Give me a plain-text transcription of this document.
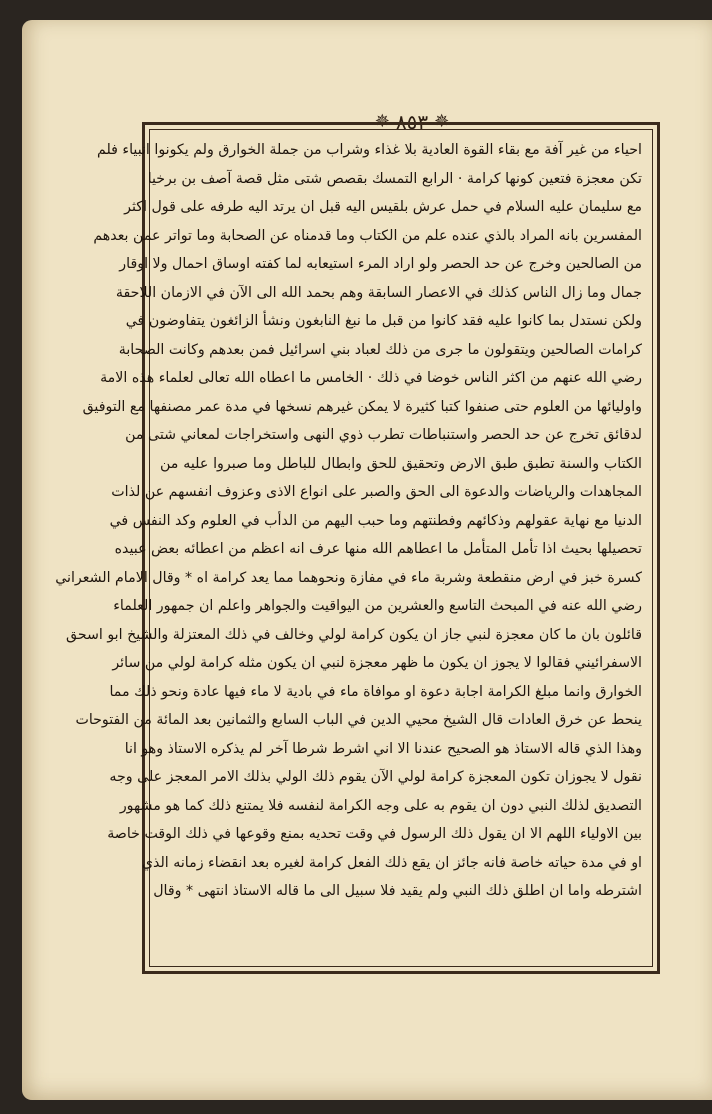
✵ ٨٥٣ ✵
احياء من غير آفة مع بقاء القوة العادية بلا غذاء وشراب من جملة الخوارق ولم يكونوا انبياء فلم
تكن معجزة فتعين كونها كرامة · الرابع التمسك بقصص شتى مثل قصة آصف بن برخيا
مع سليمان عليه السلام في حمل عرش بلقيس اليه قبل ان يرتد اليه طرفه على قول اكثر
المفسرين بانه المراد بالذي عنده علم من الكتاب وما قدمناه عن الصحابة وما تواتر عمن بعدهم
من الصالحين وخرج عن حد الحصر ولو اراد المرء استيعابه لما كفته اوساق احمال ولا اوقار
جمال وما زال الناس كذلك في الاعصار السابقة وهم بحمد الله الى الآن في الازمان اللاحقة
ولكن نستدل بما كانوا عليه فقد كانوا من قبل ما نبغ النابغون ونشأ الزائغون يتفاوضون في
كرامات الصالحين ويتقولون ما جرى من ذلك لعباد بني اسرائيل فمن بعدهم وكانت الصحابة
رضي الله عنهم من اكثر الناس خوضا في ذلك · الخامس ما اعطاه الله تعالى لعلماء هذه الامة
واوليائها من العلوم حتى صنفوا كتبا كثيرة لا يمكن غيرهم نسخها في مدة عمر مصنفها مع التوفيق
لدقائق تخرج عن حد الحصر واستنباطات تطرب ذوي النهى واستخراجات لمعاني شتى من
الكتاب والسنة تطبق طبق الارض وتحقيق للحق وابطال للباطل وما صبروا عليه من
المجاهدات والرياضات والدعوة الى الحق والصبر على انواع الاذى وعزوف انفسهم عن لذات
الدنيا مع نهاية عقولهم وذكائهم وفطنتهم وما حبب اليهم من الدأب في العلوم وكد النفس في
تحصيلها بحيث اذا تأمل المتأمل ما اعطاهم الله منها عرف انه اعظم من اعطائه بعض عبيده
كسرة خبز في ارض منقطعة وشربة ماء في مفازة ونحوهما مما يعد كرامة اه * وقال الامام الشعراني
رضي الله عنه في المبحث التاسع والعشرين من اليواقيت والجواهر واعلم ان جمهور العلماء
قائلون بان ما كان معجزة لنبي جاز ان يكون كرامة لولي وخالف في ذلك المعتزلة والشيخ ابو اسحق
الاسفرائيني فقالوا لا يجوز ان يكون ما ظهر معجزة لنبي ان يكون مثله كرامة لولي من سائر
الخوارق وانما مبلغ الكرامة اجابة دعوة او موافاة ماء في بادية لا ماء فيها عادة ونحو ذلك مما
ينحط عن خرق العادات قال الشيخ محيي الدين في الباب السابع والثمانين بعد المائة من الفتوحات
وهذا الذي قاله الاستاذ هو الصحيح عندنا الا اني اشرط شرطا آخر لم يذكره الاستاذ وهو انا
نقول لا يجوزان تكون المعجزة كرامة لولي الآن يقوم ذلك الولي بذلك الامر المعجز على وجه
التصديق لذلك النبي دون ان يقوم به على وجه الكرامة لنفسه فلا يمتنع ذلك كما هو مشهور
بين الاولياء اللهم الا ان يقول ذلك الرسول في وقت تحديه بمنع وقوعها في ذلك الوقت خاصة
او في مدة حياته خاصة فانه جائز ان يقع ذلك الفعل كرامة لغيره بعد انقضاء زمانه الذي
اشترطه واما ان اطلق ذلك النبي ولم يقيد فلا سبيل الى ما قاله الاستاذ انتهى * وقال
